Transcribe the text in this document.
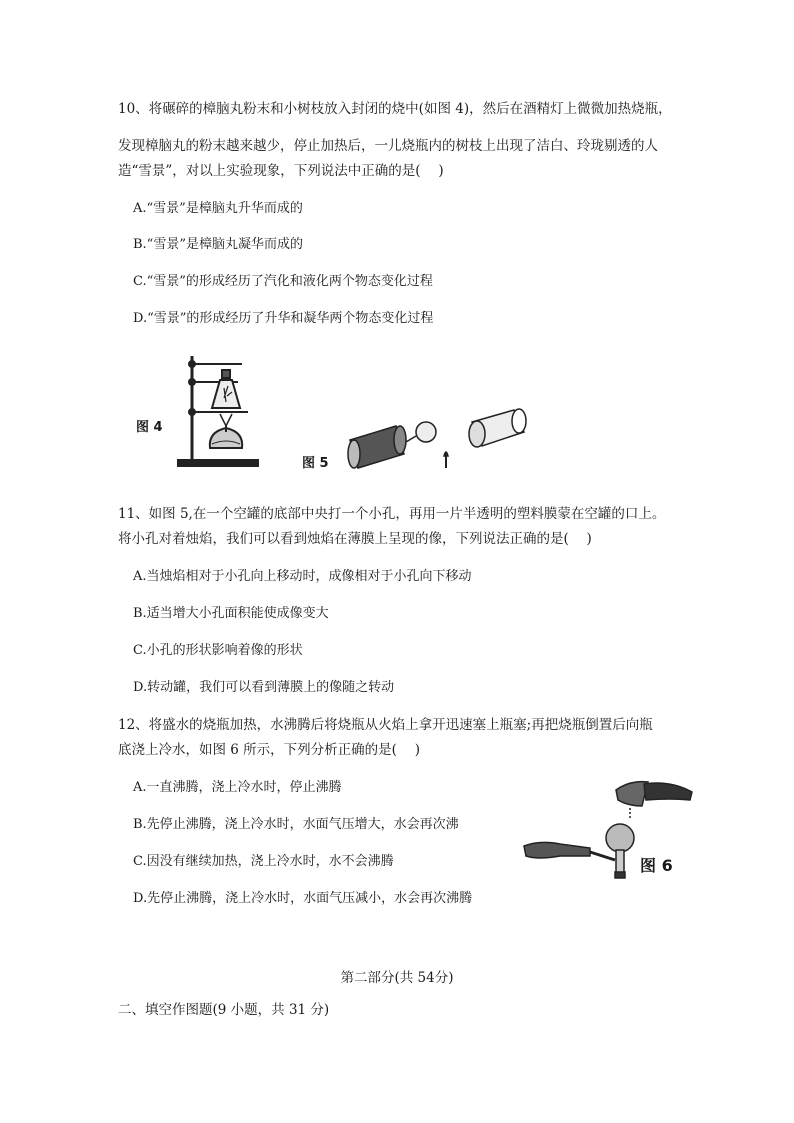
10、将碾碎的樟脑丸粉末和小树枝放入封闭的烧中(如图 4)，然后在酒精灯上微微加热烧瓶，
发现樟脑丸的粉末越来越少，停止加热后，一儿烧瓶内的树枝上出现了洁白、玲珑剔透的人
造“雪景”，对以上实验现象，下列说法中正确的是(　 )
A.“雪景”是樟脑丸升华而成的
B.“雪景”是樟脑丸凝华而成的
C.“雪景”的形成经历了汽化和液化两个物态变化过程
D.“雪景”的形成经历了升华和凝华两个物态变化过程
图 4
图 5
11、如图 5,在一个空罐的底部中央打一个小孔，再用一片半透明的塑料膜蒙在空罐的口上。
将小孔对着烛焰，我们可以看到烛焰在薄膜上呈现的像，下列说法正确的是(　 )
A.当烛焰相对于小孔向上移动时，成像相对于小孔向下移动
B.适当增大小孔面积能使成像变大
C.小孔的形状影响着像的形状
D.转动罐，我们可以看到薄膜上的像随之转动
12、将盛水的烧瓶加热，水沸腾后将烧瓶从火焰上拿开迅速塞上瓶塞;再把烧瓶倒置后向瓶
底浇上冷水，如图 6 所示，下列分析正确的是(　 )
A.一直沸腾，浇上冷水时，停止沸腾
B.先停止沸腾，浇上冷水时，水面气压增大，水会再次沸
C.因没有继续加热，浇上冷水时，水不会沸腾
D.先停止沸腾，浇上冷水时，水面气压减小，水会再次沸腾
图 6
第二部分(共 54分)
二、填空作图题(9 小题，共 31 分)
